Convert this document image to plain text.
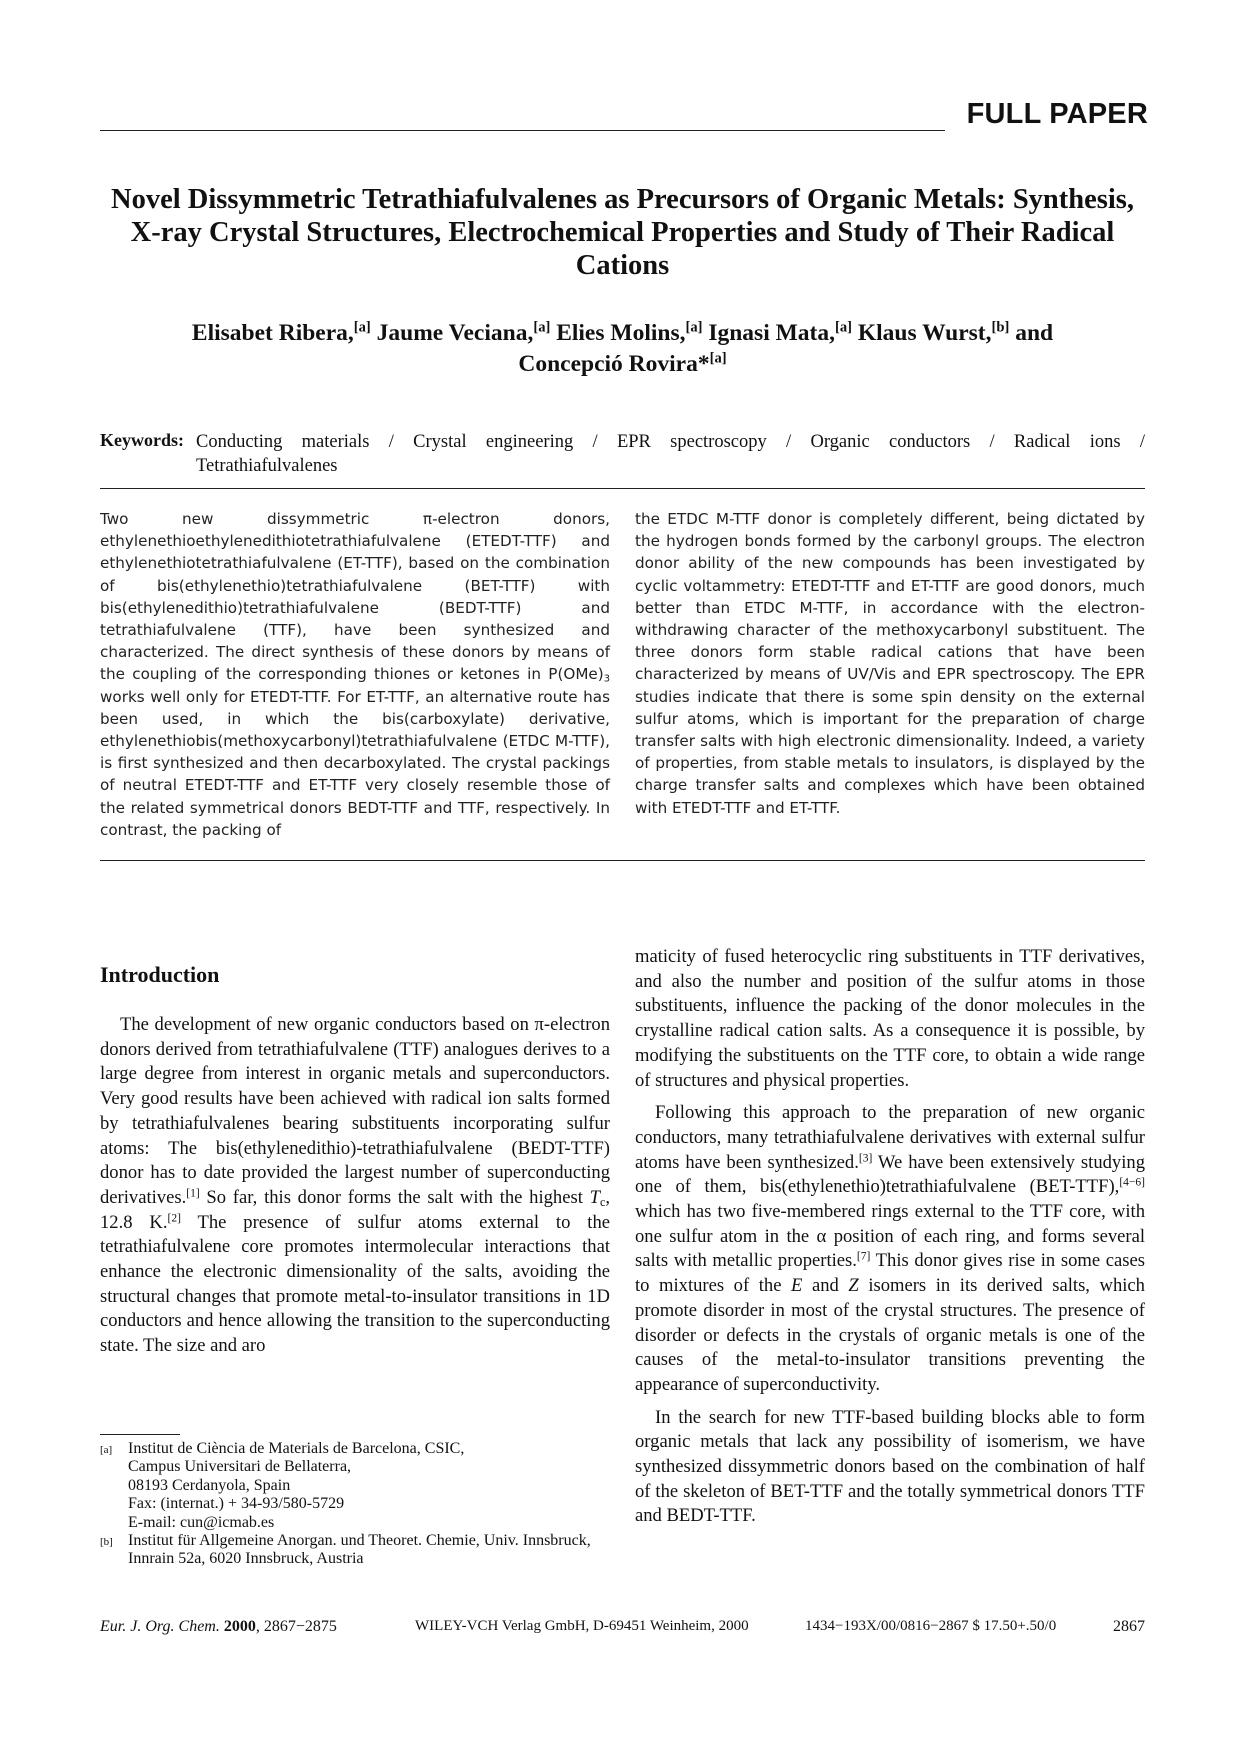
FULL PAPER
Novel Dissymmetric Tetrathiafulvalenes as Precursors of Organic Metals: Synthesis, X-ray Crystal Structures, Electrochemical Properties and Study of Their Radical Cations
Elisabet Ribera,[a] Jaume Veciana,[a] Elies Molins,[a] Ignasi Mata,[a] Klaus Wurst,[b] and
Concepció Rovira*[a]
Keywords: Conducting materials / Crystal engineering / EPR spectroscopy / Organic conductors / Radical ions /
Tetrathiafulvalenes
Two new dissymmetric π-electron donors, ethylenethioethylenedithiotetrathiafulvalene (ETEDT-TTF) and ethylenethiotetrathiafulvalene (ET-TTF), based on the combination of bis(ethylenethio)tetrathiafulvalene (BET-TTF) with bis(ethylenedithio)tetrathiafulvalene (BEDT-TTF) and tetrathiafulvalene (TTF), have been synthesized and characterized. The direct synthesis of these donors by means of the coupling of the corresponding thiones or ketones in $P(OMe)_3$ works well only for ETEDT-TTF. For ET-TTF, an alternative route has been used, in which the bis(carboxylate) derivative, ethylenethiobis(methoxycarbonyl)tetrathiafulvalene (ETDC M-TTF), is first synthesized and then decarboxylated. The crystal packings of neutral ETEDT-TTF and ET-TTF very closely resemble those of the related symmetrical donors BEDT-TTF and TTF, respectively. In contrast, the packing of
the ETDC M-TTF donor is completely different, being dictated by the hydrogen bonds formed by the carbonyl groups. The electron donor ability of the new compounds has been investigated by cyclic voltammetry: ETEDT-TTF and ET-TTF are good donors, much better than ETDC M-TTF, in accordance with the electron-withdrawing character of the methoxycarbonyl substituent. The three donors form stable radical cations that have been characterized by means of UV/Vis and EPR spectroscopy. The EPR studies indicate that there is some spin density on the external sulfur atoms, which is important for the preparation of charge transfer salts with high electronic dimensionality. Indeed, a variety of properties, from stable metals to insulators, is displayed by the charge transfer salts and complexes which have been obtained with ETEDT-TTF and ET-TTF.
Introduction

The development of new organic conductors based on π-electron donors derived from tetrathiafulvalene (TTF) analogues derives to a large degree from interest in organic metals and superconductors. Very good results have been achieved with radical ion salts formed by tetrathiafulvalenes bearing substituents incorporating sulfur atoms: The bis(ethylenedithio)-tetrathiafulvalene (BEDT-TTF) donor has to date provided the largest number of superconducting derivatives.[1] So far, this donor forms the salt with the highest $T_c$, 12.8 K.[2] The presence of sulfur atoms external to the tetrathiafulvalene core promotes intermolecular interactions that enhance the electronic dimensionality of the salts, avoiding the structural changes that promote metal-to-insulator transitions in 1D conductors and hence allowing the transition to the superconducting state. The size and aro

maticity of fused heterocyclic ring substituents in TTF derivatives, and also the number and position of the sulfur atoms in those substituents, influence the packing of the donor molecules in the crystalline radical cation salts. As a consequence it is possible, by modifying the substituents on the TTF core, to obtain a wide range of structures and physical properties.

Following this approach to the preparation of new organic conductors, many tetrathiafulvalene derivatives with external sulfur atoms have been synthesized.[3] We have been extensively studying one of them, bis(ethylenethio)tetrathiafulvalene (BET-TTF),[4−6] which has two five-membered rings external to the TTF core, with one sulfur atom in the α position of each ring, and forms several salts with metallic properties.[7] This donor gives rise in some cases to mixtures of the E and Z isomers in its derived salts, which promote disorder in most of the crystal structures. The presence of disorder or defects in the crystals of organic metals is one of the causes of the metal-to-insulator transitions preventing the appearance of superconductivity.

In the search for new TTF-based building blocks able to form organic metals that lack any possibility of isomerism, we have synthesized dissymmetric donors based on the combination of half of the skeleton of BET-TTF and the totally symmetrical donors TTF and BEDT-TTF.

[a] Institut de Ciència de Materials de Barcelona, CSIC,
Campus Universitari de Bellaterra,
08193 Cerdanyola, Spain
Fax: (internat.) + 34-93/580-5729
E-mail: cun@icmab.es
[b] Institut für Allgemeine Anorgan. und Theoret. Chemie, Univ. Innsbruck,
Innrain 52a, 6020 Innsbruck, Austria
Eur. J. Org. Chem. 2000, 2867−2875	WILEY-VCH Verlag GmbH, D-69451 Weinheim, 2000	1434−193X/00/0816−2867 $ 17.50+.50/0	2867
